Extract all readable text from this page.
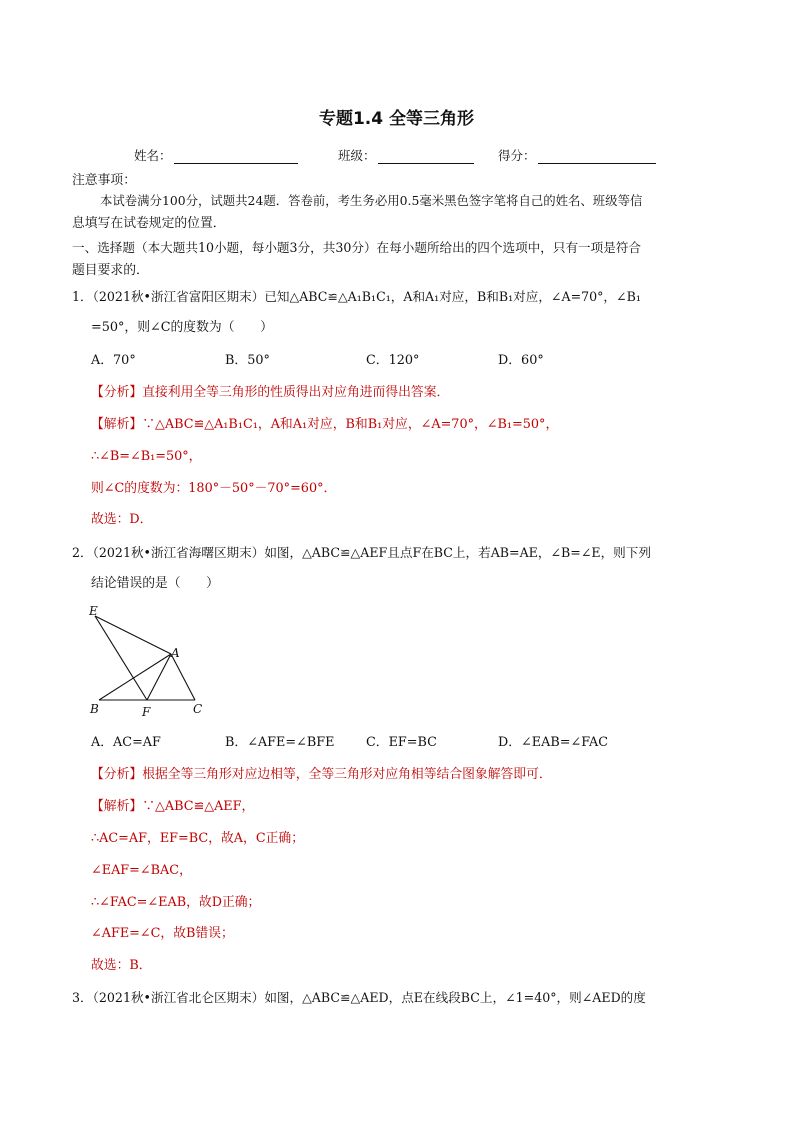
专题1.4 全等三角形
姓名：	班级：	得分：
注意事项：
本试卷满分100分，试题共24题．答卷前，考生务必用0.5毫米黑色签字笔将自己的姓名、班级等信
息填写在试卷规定的位置．
一、选择题（本大题共10小题，每小题3分，共30分）在每小题所给出的四个选项中，只有一项是符合
题目要求的．
1．（2021秋•浙江省富阳区期末）已知△ABC≌△A₁B₁C₁，A和A₁对应，B和B₁对应，∠A=70°，∠B₁
=50°，则∠C的度数为（　　）
A．70°	B．50°	C．120°	D．60°
【分析】直接利用全等三角形的性质得出对应角进而得出答案．
【解析】∵△ABC≌△A₁B₁C₁，A和A₁对应，B和B₁对应，∠A=70°，∠B₁=50°，
∴∠B=∠B₁=50°，
则∠C的度数为：180°－50°－70°=60°．
故选：D．
2．（2021秋•浙江省海曙区期末）如图，△ABC≌△AEF且点F在BC上，若AB=AE，∠B=∠E，则下列
结论错误的是（　　）
E
A
B	F	C
A．AC=AF	B．∠AFE=∠BFE C．EF=BC	D．∠EAB=∠FAC
【分析】根据全等三角形对应边相等，全等三角形对应角相等结合图象解答即可．
【解析】∵△ABC≌△AEF，
∴AC=AF，EF=BC，故A，C正确；
∠EAF=∠BAC，
∴∠FAC=∠EAB，故D正确；
∠AFE=∠C，故B错误；
故选：B．
3．（2021秋•浙江省北仑区期末）如图，△ABC≌△AED，点E在线段BC上，∠1=40°，则∠AED的度
